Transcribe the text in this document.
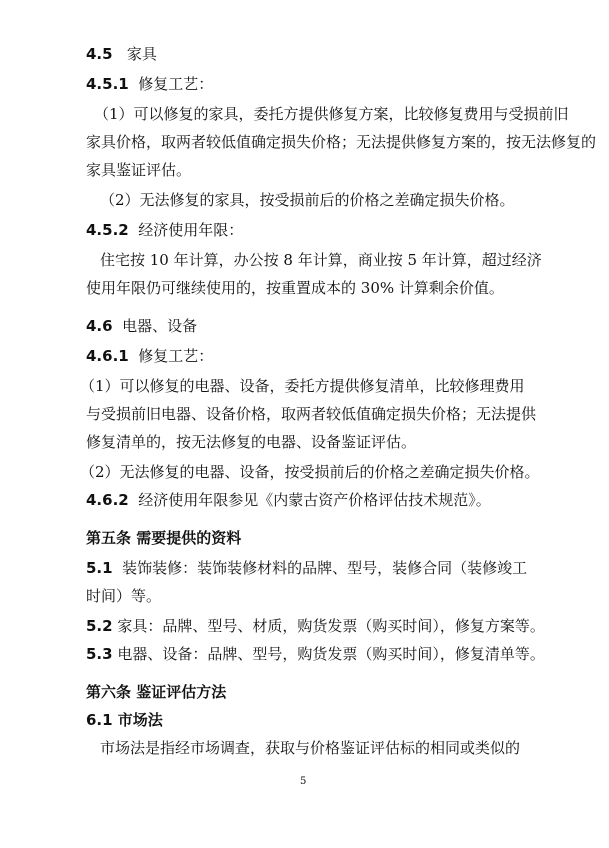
4.5 家具
4.5.1 修复工艺：
（1）可以修复的家具，委托方提供修复方案，比较修复费用与受损前旧
家具价格，取两者较低值确定损失价格；无法提供修复方案的，按无法修复的
家具鉴证评估。
（2）无法修复的家具，按受损前后的价格之差确定损失价格。
4.5.2 经济使用年限：
住宅按 10 年计算，办公按 8 年计算，商业按 5 年计算，超过经济
使用年限仍可继续使用的，按重置成本的 30% 计算剩余价值。
4.6 电器、设备
4.6.1 修复工艺：
（1）可以修复的电器、设备，委托方提供修复清单，比较修理费用
与受损前旧电器、设备价格，取两者较低值确定损失价格；无法提供
修复清单的，按无法修复的电器、设备鉴证评估。
（2）无法修复的电器、设备，按受损前后的价格之差确定损失价格。
4.6.2 经济使用年限参见《内蒙古资产价格评估技术规范》。
第五条 需要提供的资料
5.1 装饰装修：装饰装修材料的品牌、型号，装修合同（装修竣工
时间）等。
5.2 家具：品牌、型号、材质，购货发票（购买时间），修复方案等。
5.3 电器、设备：品牌、型号，购货发票（购买时间），修复清单等。
第六条 鉴证评估方法
6.1 市场法
市场法是指经市场调查，获取与价格鉴证评估标的相同或类似的
5
